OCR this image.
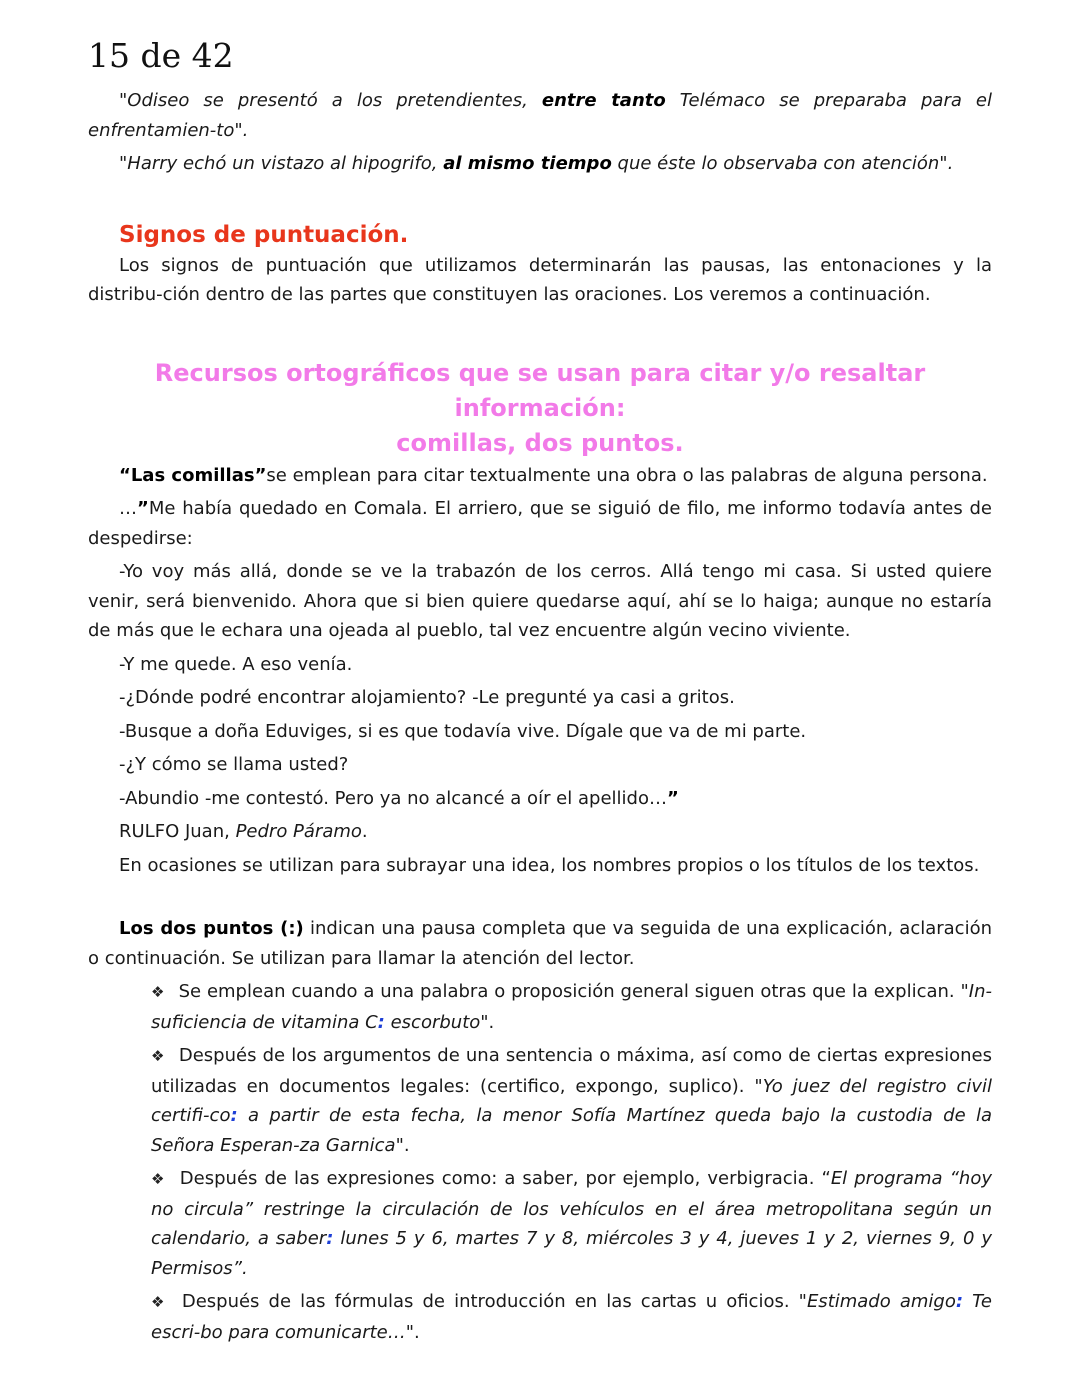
15 de 42

"Odiseo se presentó a los pretendientes, entre tanto Telémaco se preparaba para el enfrentamien-to".

"Harry echó un vistazo al hipogrifo, al mismo tiempo que éste lo observaba con atención".

Signos de puntuación.

Los signos de puntuación que utilizamos determinarán las pausas, las entonaciones y la distribu-ción dentro de las partes que constituyen las oraciones. Los veremos a continuación.

Recursos ortográficos que se usan para citar y/o resaltar información:
comillas, dos puntos.

“Las comillas”se emplean para citar textualmente una obra o las palabras de alguna persona.

…”Me había quedado en Comala. El arriero, que se siguió de filo, me informo todavía antes de despedirse:

-Yo voy más allá, donde se ve la trabazón de los cerros. Allá tengo mi casa. Si usted quiere venir, será bienvenido. Ahora que si bien quiere quedarse aquí, ahí se lo haiga; aunque no estaría de más que le echara una ojeada al pueblo, tal vez encuentre algún vecino viviente.

-Y me quede. A eso venía.

-¿Dónde podré encontrar alojamiento? -Le pregunté ya casi a gritos.

-Busque a doña Eduviges, si es que todavía vive. Dígale que va de mi parte.

-¿Y cómo se llama usted?

-Abundio -me contestó. Pero ya no alcancé a oír el apellido…”

RULFO Juan, Pedro Páramo.

En ocasiones se utilizan para subrayar una idea, los nombres propios o los títulos de los textos.

Los dos puntos (:) indican una pausa completa que va seguida de una explicación, aclaración o continuación. Se utilizan para llamar la atención del lector.

❖ Se emplean cuando a una palabra o proposición general siguen otras que la explican. "In-suficiencia de vitamina C: escorbuto".

❖ Después de los argumentos de una sentencia o máxima, así como de ciertas expresiones utilizadas en documentos legales: (certifico, expongo, suplico). "Yo juez del registro civil certifi-co: a partir de esta fecha, la menor Sofía Martínez queda bajo la custodia de la Señora Esperan-za Garnica".

❖ Después de las expresiones como: a saber, por ejemplo, verbigracia. “El programa “hoy no circula” restringe la circulación de los vehículos en el área metropolitana según un calendario, a saber: lunes 5 y 6, martes 7 y 8, miércoles 3 y 4, jueves 1 y 2, viernes 9, 0 y Permisos”.

❖ Después de las fórmulas de introducción en las cartas u oficios. "Estimado amigo: Te escri-bo para comunicarte…".
